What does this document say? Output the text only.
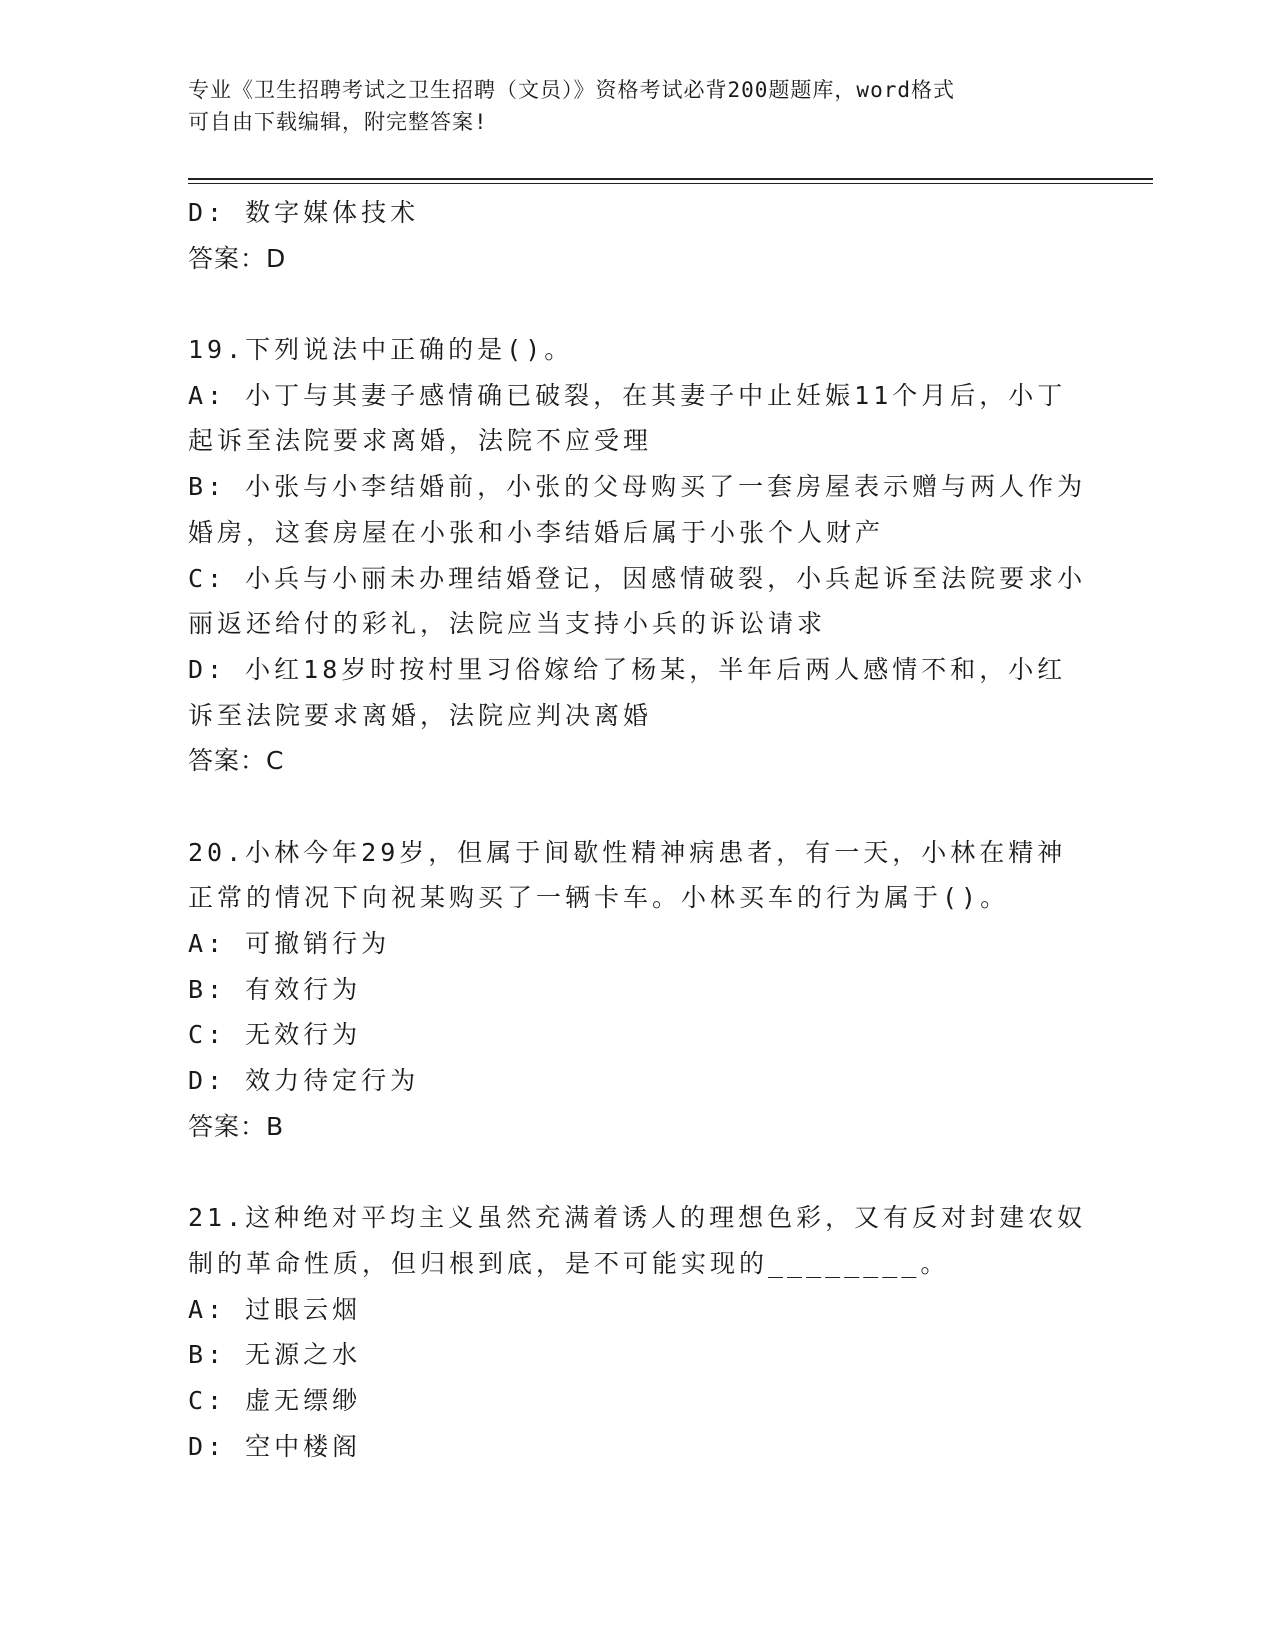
专业《卫生招聘考试之卫生招聘（文员）》资格考试必背200题题库，word格式
可自由下载编辑，附完整答案!
D: 数字媒体技术
答案：D
19.下列说法中正确的是()。
A: 小丁与其妻子感情确已破裂，在其妻子中止妊娠11个月后，小丁
起诉至法院要求离婚，法院不应受理
B: 小张与小李结婚前，小张的父母购买了一套房屋表示赠与两人作为
婚房，这套房屋在小张和小李结婚后属于小张个人财产
C: 小兵与小丽未办理结婚登记，因感情破裂，小兵起诉至法院要求小
丽返还给付的彩礼，法院应当支持小兵的诉讼请求
D: 小红18岁时按村里习俗嫁给了杨某，半年后两人感情不和，小红
诉至法院要求离婚，法院应判决离婚
答案：C
20.小林今年29岁，但属于间歇性精神病患者，有一天，小林在精神
正常的情况下向祝某购买了一辆卡车。小林买车的行为属于()。
A: 可撤销行为
B: 有效行为
C: 无效行为
D: 效力待定行为
答案：B
21.这种绝对平均主义虽然充满着诱人的理想色彩，又有反对封建农奴
制的革命性质，但归根到底，是不可能实现的________。
A: 过眼云烟
B: 无源之水
C: 虚无缥缈
D: 空中楼阁
